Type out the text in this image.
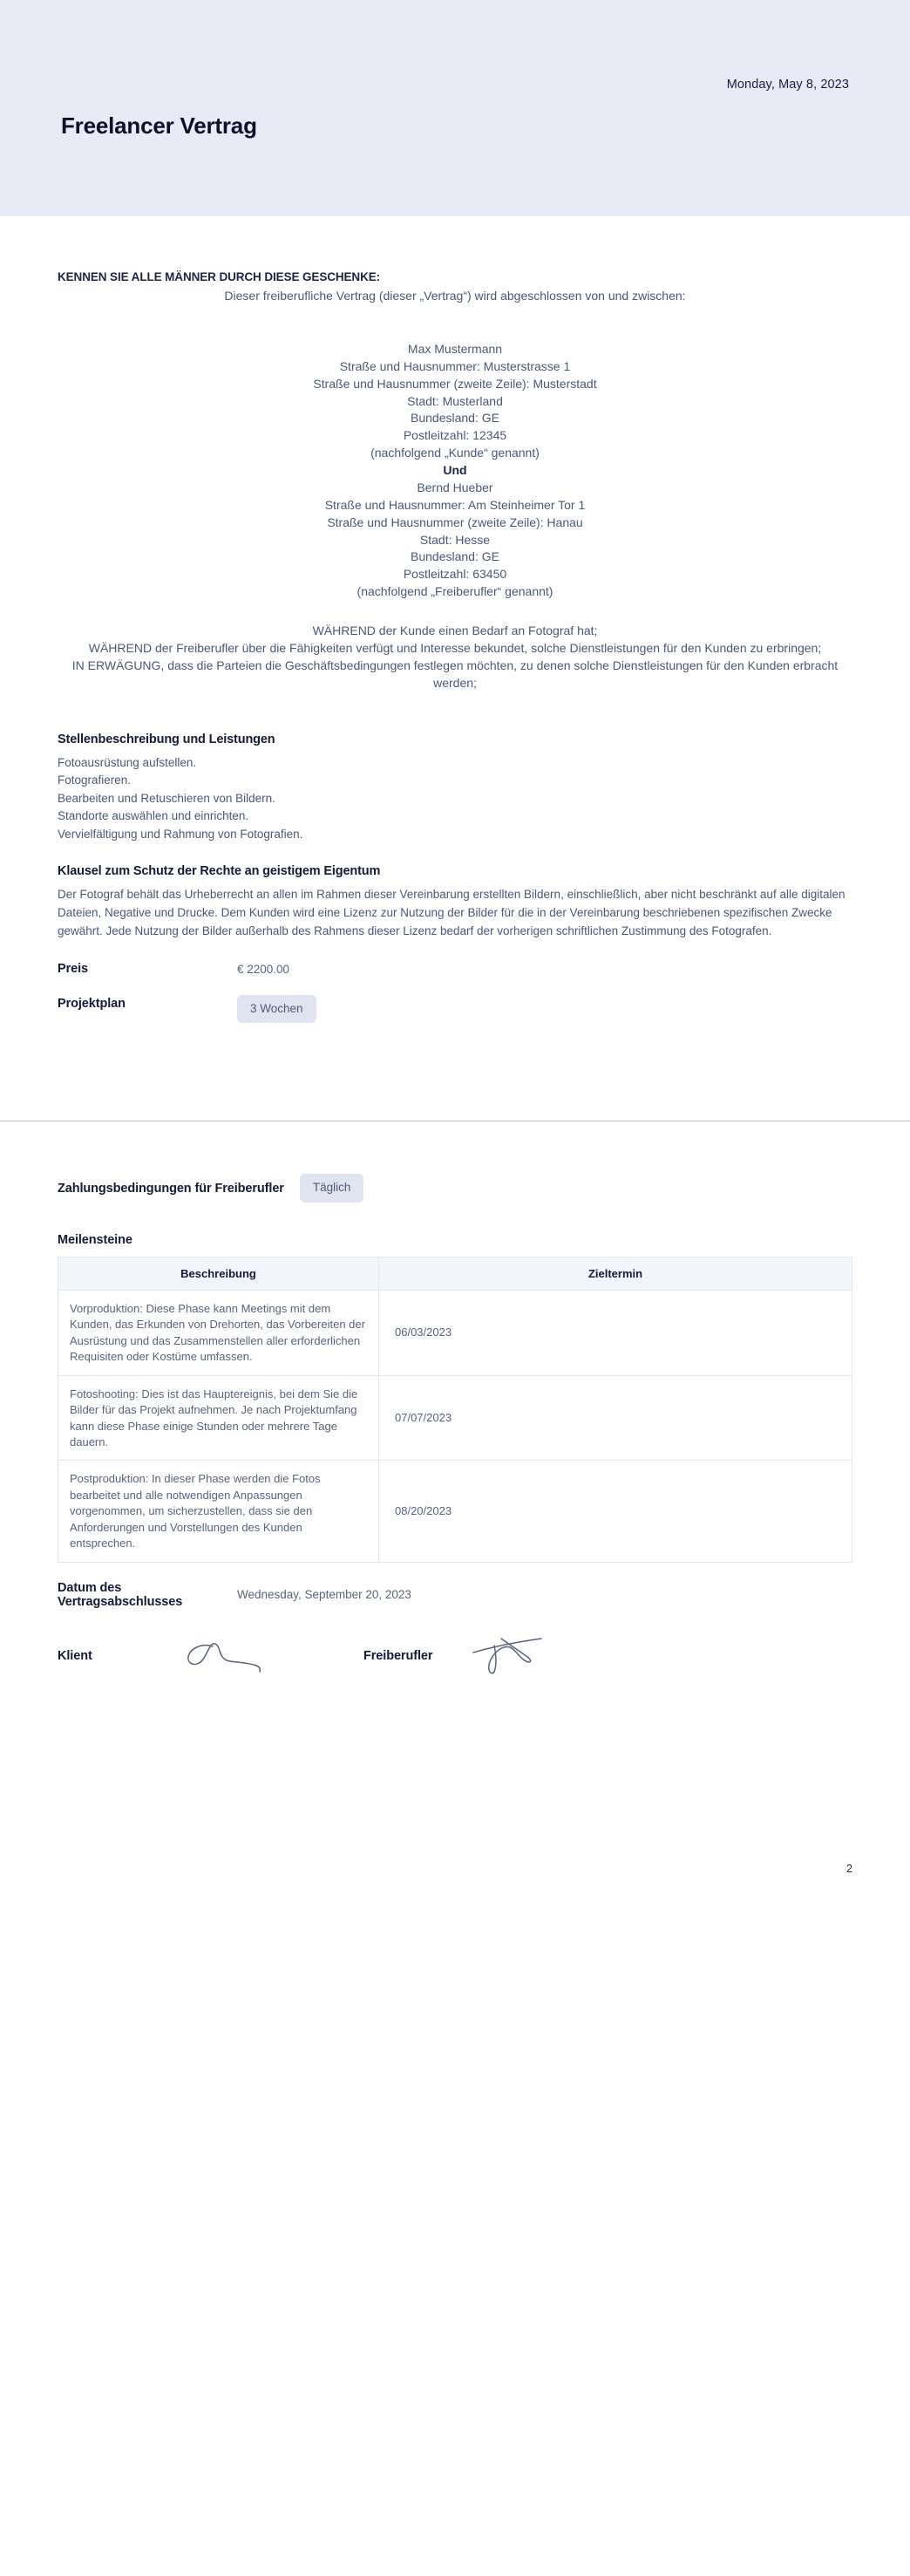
Monday, May 8, 2023
Freelancer Vertrag
KENNEN SIE ALLE MÄNNER DURCH DIESE GESCHENKE:
Dieser freiberufliche Vertrag (dieser „Vertrag“) wird abgeschlossen von und zwischen:
Max Mustermann
Straße und Hausnummer: Musterstrasse 1
Straße und Hausnummer (zweite Zeile): Musterstadt
Stadt: Musterland
Bundesland: GE
Postleitzahl: 12345
(nachfolgend „Kunde“ genannt)
Und
Bernd Hueber
Straße und Hausnummer: Am Steinheimer Tor 1
Straße und Hausnummer (zweite Zeile): Hanau
Stadt: Hesse
Bundesland: GE
Postleitzahl: 63450
(nachfolgend „Freiberufler“ genannt)
WÄHREND der Kunde einen Bedarf an Fotograf hat;
WÄHREND der Freiberufler über die Fähigkeiten verfügt und Interesse bekundet, solche Dienstleistungen für den Kunden zu erbringen;
IN ERWÄGUNG, dass die Parteien die Geschäftsbedingungen festlegen möchten, zu denen solche Dienstleistungen für den Kunden erbracht werden;
Stellenbeschreibung und Leistungen
Fotoausrüstung aufstellen.
Fotografieren.
Bearbeiten und Retuschieren von Bildern.
Standorte auswählen und einrichten.
Vervielfältigung und Rahmung von Fotografien.
Klausel zum Schutz der Rechte an geistigem Eigentum
Der Fotograf behält das Urheberrecht an allen im Rahmen dieser Vereinbarung erstellten Bildern, einschließlich, aber nicht beschränkt auf alle digitalen Dateien, Negative und Drucke. Dem Kunden wird eine Lizenz zur Nutzung der Bilder für die in der Vereinbarung beschriebenen spezifischen Zwecke gewährt. Jede Nutzung der Bilder außerhalb des Rahmens dieser Lizenz bedarf der vorherigen schriftlichen Zustimmung des Fotografen.
Preis	€ 2200.00
Projektplan	3 Wochen
Zahlungsbedingungen für Freiberufler	Täglich
Meilensteine
Beschreibung	Zieltermin
Vorproduktion: Diese Phase kann Meetings mit dem Kunden, das Erkunden von Drehorten, das Vorbereiten der Ausrüstung und das Zusammenstellen aller erforderlichen Requisiten oder Kostüme umfassen.	06/03/2023
Fotoshooting: Dies ist das Hauptereignis, bei dem Sie die Bilder für das Projekt aufnehmen. Je nach Projektumfang kann diese Phase einige Stunden oder mehrere Tage dauern.	07/07/2023
Postproduktion: In dieser Phase werden die Fotos bearbeitet und alle notwendigen Anpassungen vorgenommen, um sicherzustellen, dass sie den Anforderungen und Vorstellungen des Kunden entsprechen.	08/20/2023
Datum des Vertragsabschlusses	Wednesday, September 20, 2023
Klient	Freiberufler
2
